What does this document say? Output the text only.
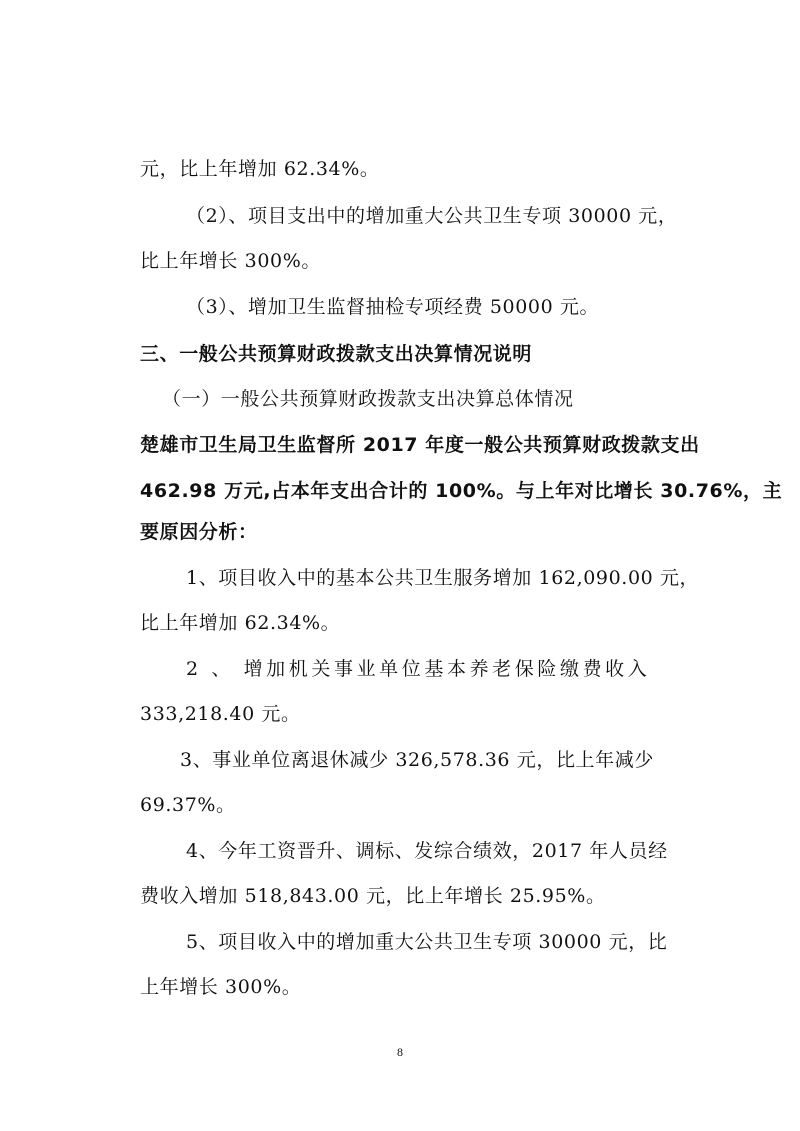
元，比上年增加 62.34%。
（2）、项目支出中的增加重大公共卫生专项 30000 元，
比上年增长 300%。
（3）、增加卫生监督抽检专项经费 50000 元。
三、一般公共预算财政拨款支出决算情况说明
（一）一般公共预算财政拨款支出决算总体情况
楚雄市卫生局卫生监督所 2017 年度一般公共预算财政拨款支出
462.98 万元,占本年支出合计的 100%。与上年对比增长 30.76%，主
要原因分析：
1、项目收入中的基本公共卫生服务增加 162,090.00 元，
比上年增加 62.34%。
2 、 增加机关事业单位基本养老保险缴费收入
333,218.40 元。
3、事业单位离退休减少 326,578.36 元，比上年减少
69.37%。
4、今年工资晋升、调标、发综合绩效，2017 年人员经
费收入增加 518,843.00 元，比上年增长 25.95%。
5、项目收入中的增加重大公共卫生专项 30000 元，比
上年增长 300%。
8
